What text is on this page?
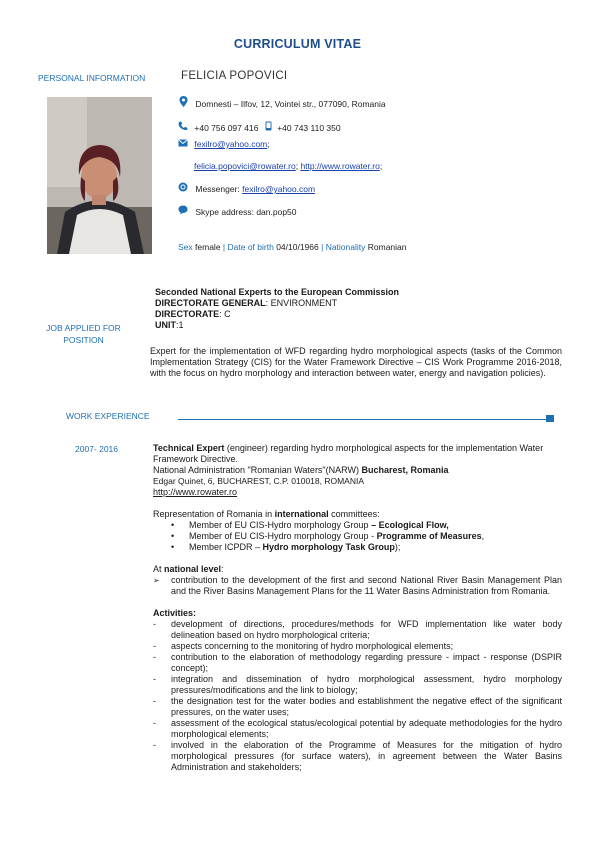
CURRICULUM VITAE
PERSONAL INFORMATION	FELICIA POPOVICI
Domnesti – Ilfov, 12, Vointei str., 077090, Romania
+40 756 097 416 +40 743 110 350
fexilro@yahoo.com;
felicia.popovici@rowater.ro; http://www.rowater.ro;
Messenger: fexilro@yahoo.com
Skype address: dan.pop50
Sex female | Date of birth 04/10/1966 | Nationality Romanian
JOB APPLIED FOR
POSITION
Seconded National Experts to the European Commission
DIRECTORATE GENERAL: ENVIRONMENT
DIRECTORATE: C
UNIT:1
Expert for the implementation of WFD regarding hydro morphological aspects (tasks of the Common Implementation Strategy (CIS) for the Water Framework Directive – CIS Work Programme 2016-2018, with the focus on hydro morphology and interaction between water, energy and navigation policies).
WORK EXPERIENCE
2007- 2016	Technical Expert (engineer) regarding hydro morphological aspects for the implementation Water Framework Directive.
National Administration "Romanian Waters"(NARW) Bucharest, Romania
Edgar Quinet, 6, BUCHAREST, C.P. 010018, ROMANIA
http://www.rowater.ro
Representation of Romania in international committees:
• Member of EU CIS-Hydro morphology Group – Ecological Flow,
• Member of EU CIS-Hydro morphology Group - Programme of Measures,
• Member ICPDR – Hydro morphology Task Group);
At national level:
➢ contribution to the development of the first and second National River Basin Management Plan and the River Basins Management Plans for the 11 Water Basins Administration from Romania.
Activities:
- development of directions, procedures/methods for WFD implementation like water body delineation based on hydro morphological criteria;
- aspects concerning to the monitoring of hydro morphological elements;
- contribution to the elaboration of methodology regarding pressure - impact - response (DSPIR concept);
- integration and dissemination of hydro morphological assessment, hydro morphology pressures/modifications and the link to biology;
- the designation test for the water bodies and establishment the negative effect of the significant pressures, on the water uses;
- assessment of the ecological status/ecological potential by adequate methodologies for the hydro morphological elements;
- involved in the elaboration of the Programme of Measures for the mitigation of hydro morphological pressures (for surface waters), in agreement between the Water Basins Administration and stakeholders;
